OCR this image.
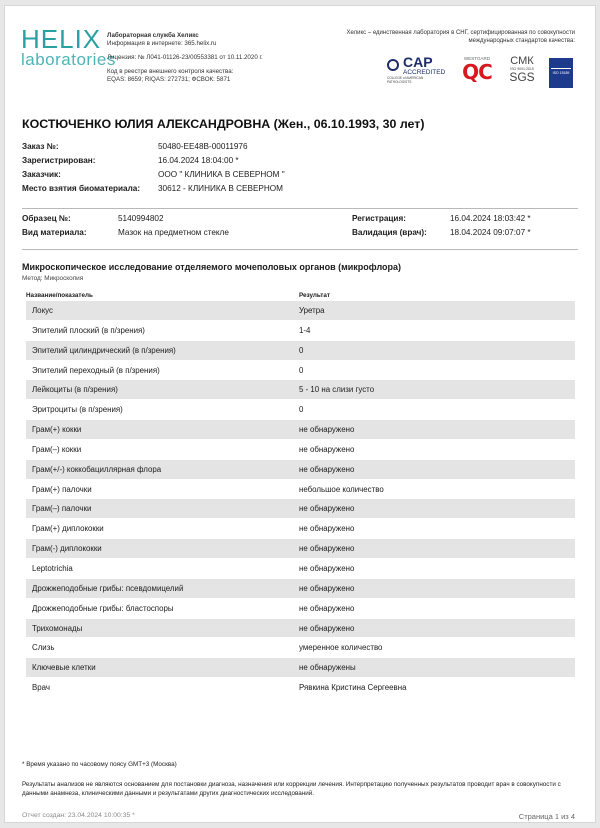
HELIX
laboratories
Лабораторная служба Хеликс
Информация в интернете: 365.helix.ru
Лицензия: № Л041-01126-23/00553381 от 10.11.2020 г.
Код в реестре внешнего контроля качества:
EQAS: 8659; RIQAS: 272731; ФСВОК: 5871
Хеликс – единственная лаборатория в СНГ, сертифицированная по совокупности международных стандартов качества:
CAP
ACCREDITED
COLLEGE of AMERICAN PATHOLOGISTS
WESTGARD
QC	СМК
ISO 9001:2015
SGS	ISO 15189
КОСТЮЧЕНКО ЮЛИЯ АЛЕКСАНДРОВНА (Жен., 06.10.1993, 30 лет)
Заказ №:	50480-EE48B-00011976
Зарегистрирован:	16.04.2024 18:04:00 *
Заказчик:	ООО " КЛИНИКА В СЕВЕРНОМ "
Место взятия биоматериала: 30612 - КЛИНИКА В СЕВЕРНОМ
Образец №:	5140994802
Вид материала:	Мазок на предметном стекле
Регистрация:	16.04.2024 18:03:42 *
Валидация (врач):	18.04.2024 09:07:07 *
Микроскопическое исследование отделяемого мочеполовых органов (микрофлора)
Метод: Микроскопия
Название/показатель	Результат
Локус	Уретра
Эпителий плоский (в п/зрения)	1-4
Эпителий цилиндрический (в п/зрения)	0
Эпителий переходный (в п/зрения)	0
Лейкоциты (в п/зрения)	5 - 10 на слизи густо
Эритроциты (в п/зрения)	0
Грам(+) кокки	не обнаружено
Грам(–) кокки	не обнаружено
Грам(+/-) коккобациллярная флора	не обнаружено
Грам(+) палочки	небольшое количество
Грам(–) палочки	не обнаружено
Грам(+) диплококки	не обнаружено
Грам(-) диплококки	не обнаружено
Leptotrichia	не обнаружено
Дрожжеподобные грибы: псевдомицелий	не обнаружено
Дрожжеподобные грибы: бластоспоры	не обнаружено
Трихомонады	не обнаружено
Слизь	умеренное количество
Ключевые клетки	не обнаружены
Врач	Рявкина Кристина Сергеевна
* Время указано по часовому поясу GMT+3 (Москва)
Результаты анализов не являются основанием для постановки диагноза, назначения или коррекции лечения. Интерпретацию полученных результатов проводит врач в совокупности с данными анамнеза, клиническими данными и результатами других диагностических исследований.
Отчет создан: 23.04.2024 10:00:35 *	Страница 1 из 4
